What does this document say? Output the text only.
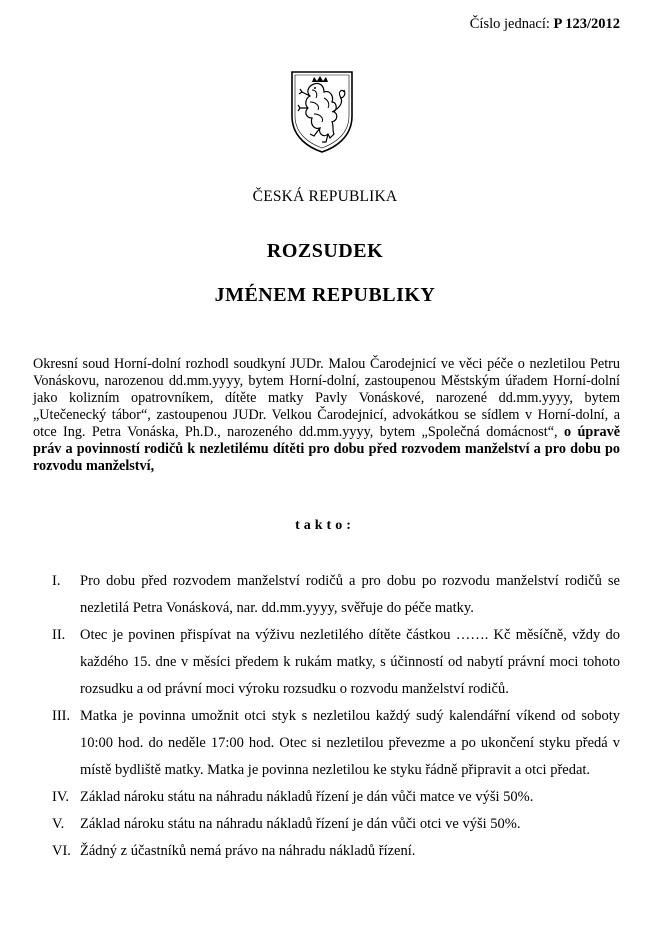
Číslo jednací: P 123/2012
ČESKÁ REPUBLIKA
ROZSUDEK
JMÉNEM REPUBLIKY
Okresní soud Horní-dolní rozhodl soudkyní JUDr. Malou Čarodejnicí ve věci péče o nezletilou Petru Vonáskovu, narozenou dd.mm.yyyy, bytem Horní-dolní, zastoupenou Městským úřadem Horní-dolní jako kolizním opatrovníkem, dítěte matky Pavly Vonáskové, narozené dd.mm.yyyy, bytem „Utečenecký tábor“, zastoupenou JUDr. Velkou Čarodejnicí, advokátkou se sídlem v Horní-dolní, a otce Ing. Petra Vonáska, Ph.D., narozeného dd.mm.yyyy, bytem „Společná domácnost“, o úpravě práv a povinností rodičů k nezletilému dítěti pro dobu před rozvodem manželství a pro dobu po rozvodu manželství,
takto:
I.	Pro dobu před rozvodem manželství rodičů a pro dobu po rozvodu manželství rodičů se nezletilá Petra Vonásková, nar. dd.mm.yyyy, svěřuje do péče matky.
II.	Otec je povinen přispívat na výživu nezletilého dítěte částkou ……. Kč měsíčně, vždy do každého 15. dne v měsíci předem k rukám matky, s účinností od nabytí právní moci tohoto rozsudku a od právní moci výroku rozsudku o rozvodu manželství rodičů.
III. Matka je povinna umožnit otci styk s nezletilou každý sudý kalendářní víkend od soboty 10:00 hod. do neděle 17:00 hod. Otec si nezletilou převezme a po ukončení styku předá v místě bydliště matky. Matka je povinna nezletilou ke styku řádně připravit a otci předat.
IV. Základ nároku státu na náhradu nákladů řízení je dán vůči matce ve výši 50%.
V.	Základ nároku státu na náhradu nákladů řízení je dán vůči otci ve výši 50%.
VI. Žádný z účastníků nemá právo na náhradu nákladů řízení.
